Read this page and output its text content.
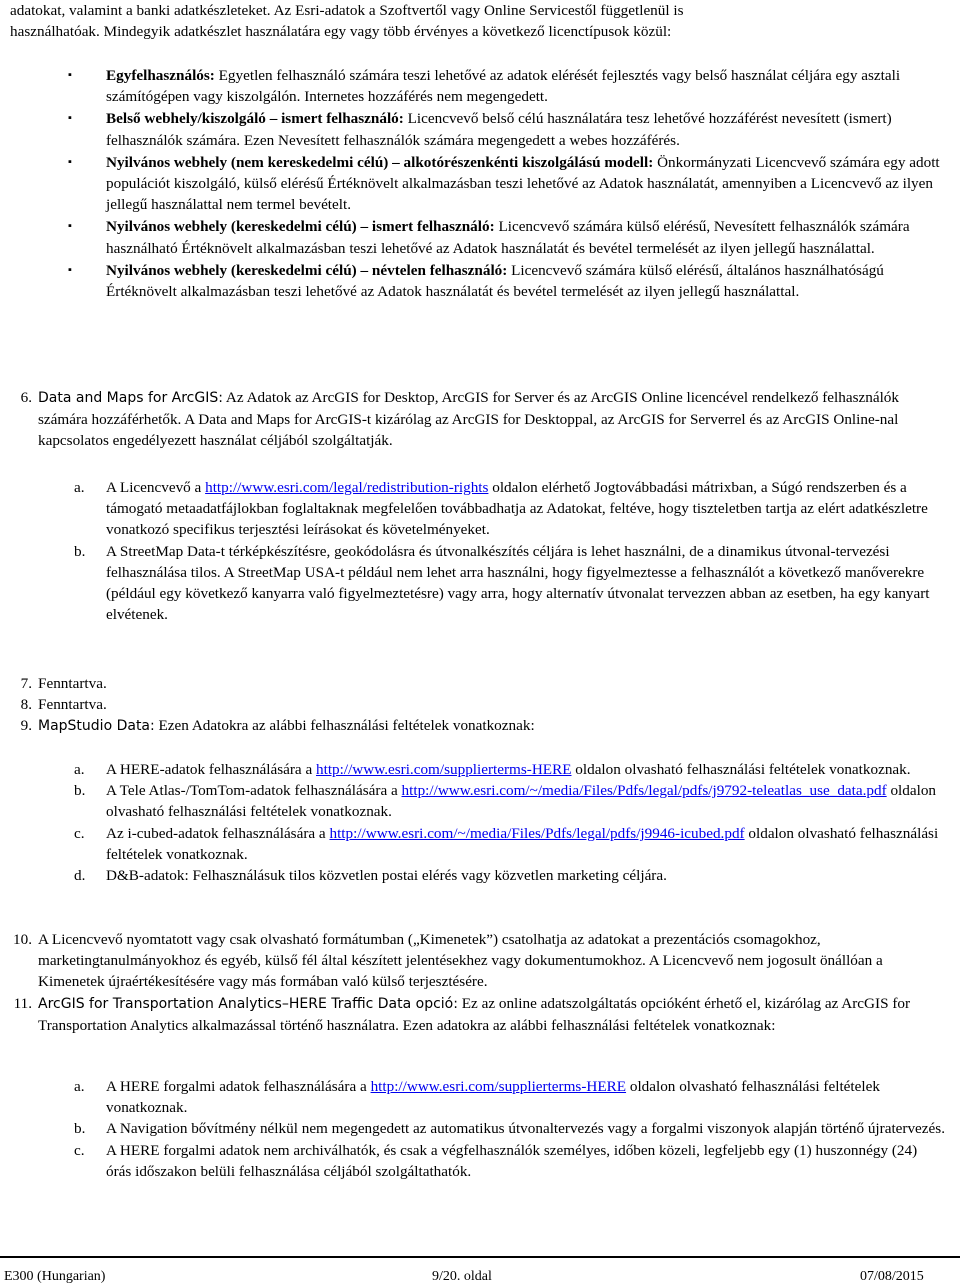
adatokat, valamint a banki adatkészleteket. Az Esri-adatok a Szoftvertől vagy Online Servicestől függetlenül is

használhatóak. Mindegyik adatkészlet használatára egy vagy több érvényes a következő licenctípusok közül:

▪ Egyfelhasználós: Egyetlen felhasználó számára teszi lehetővé az adatok elérését fejlesztés vagy belső használat céljára egy asztali számítógépen vagy kiszolgálón. Internetes hozzáférés nem megengedett.
▪ Belső webhely/kiszolgáló – ismert felhasználó: Licencvevő belső célú használatára tesz lehetővé hozzáférést nevesített (ismert) felhasználók számára. Ezen Nevesített felhasználók számára megengedett a webes hozzáférés.
▪ Nyilvános webhely (nem kereskedelmi célú) – alkotórészenkénti kiszolgálású modell: Önkormányzati Licencvevő számára egy adott populációt kiszolgáló, külső elérésű Értéknövelt alkalmazásban teszi lehetővé az Adatok használatát, amennyiben a Licencvevő az ilyen jellegű használattal nem termel bevételt.
▪ Nyilvános webhely (kereskedelmi célú) – ismert felhasználó: Licencvevő számára külső elérésű, Nevesített felhasználók számára használható Értéknövelt alkalmazásban teszi lehetővé az Adatok használatát és bevétel termelését az ilyen jellegű használattal.
▪ Nyilvános webhely (kereskedelmi célú) – névtelen felhasználó: Licencvevő számára külső elérésű, általános használhatóságú Értéknövelt alkalmazásban teszi lehetővé az Adatok használatát és bevétel termelését az ilyen jellegű használattal.
6. Data and Maps for ArcGIS: Az Adatok az ArcGIS for Desktop, ArcGIS for Server és az ArcGIS Online licencével rendelkező felhasználók számára hozzáférhetők. A Data and Maps for ArcGIS-t kizárólag az ArcGIS for Desktoppal, az ArcGIS for Serverrel és az ArcGIS Online-nal kapcsolatos engedélyezett használat céljából szolgáltatják.
a. A Licencvevő a http://www.esri.com/legal/redistribution-rights oldalon elérhető Jogtovábbadási mátrixban, a Súgó rendszerben és a támogató metaadatfájlokban foglaltaknak megfelelően továbbadhatja az Adatokat, feltéve, hogy tiszteletben tartja az elért adatkészletre vonatkozó specifikus terjesztési leírásokat és követelményeket.
b. A StreetMap Data-t térképkészítésre, geokódolásra és útvonalkészítés céljára is lehet használni, de a dinamikus útvonal-tervezési felhasználása tilos. A StreetMap USA-t például nem lehet arra használni, hogy figyelmeztesse a felhasználót a következő manőverekre (például egy következő kanyarra való figyelmeztetésre) vagy arra, hogy alternatív útvonalat tervezzen abban az esetben, ha egy kanyart elvétenek.
7. Fenntartva.
8. Fenntartva.
9. MapStudio Data: Ezen Adatokra az alábbi felhasználási feltételek vonatkoznak:
a. A HERE-adatok felhasználására a http://www.esri.com/supplierterms-HERE oldalon olvasható felhasználási feltételek vonatkoznak.
b. A Tele Atlas-/TomTom-adatok felhasználására a http://www.esri.com/~/media/Files/Pdfs/legal/pdfs/j9792-teleatlas_use_data.pdf oldalon olvasható felhasználási feltételek vonatkoznak.
c. Az i-cubed-adatok felhasználására a http://www.esri.com/~/media/Files/Pdfs/legal/pdfs/j9946-icubed.pdf oldalon olvasható felhasználási feltételek vonatkoznak.
d. D&B-adatok: Felhasználásuk tilos közvetlen postai elérés vagy közvetlen marketing céljára.
10. A Licencvevő nyomtatott vagy csak olvasható formátumban („Kimenetek”) csatolhatja az adatokat a prezentációs csomagokhoz, marketingtanulmányokhoz és egyéb, külső fél által készített jelentésekhez vagy dokumentumokhoz. A Licencvevő nem jogosult önállóan a Kimenetek újraértékesítésére vagy más formában való külső terjesztésére.
11. ArcGIS for Transportation Analytics–HERE Traffic Data opció: Ez az online adatszolgáltatás opcióként érhető el, kizárólag az ArcGIS for Transportation Analytics alkalmazással történő használatra. Ezen adatokra az alábbi felhasználási feltételek vonatkoznak:
a. A HERE forgalmi adatok felhasználására a http://www.esri.com/supplierterms-HERE oldalon olvasható felhasználási feltételek vonatkoznak.
b. A Navigation bővítmény nélkül nem megengedett az automatikus útvonaltervezés vagy a forgalmi viszonyok alapján történő újratervezés.
c. A HERE forgalmi adatok nem archiválhatók, és csak a végfelhasználók személyes, időben közeli, legfeljebb egy (1) huszonnégy (24) órás időszakon belüli felhasználása céljából szolgáltathatók.
E300 (Hungarian)	9/20. oldal	07/08/2015
